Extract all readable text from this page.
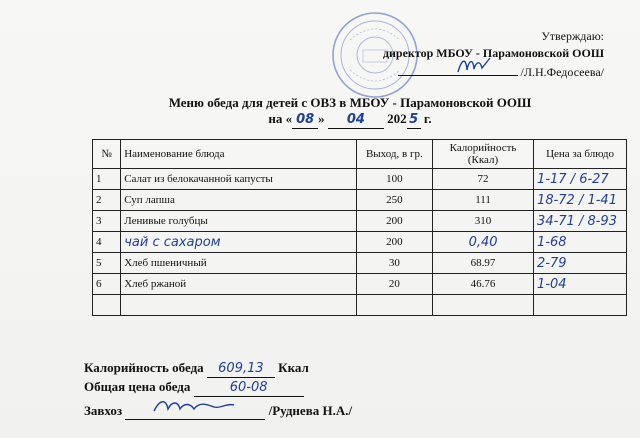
Утверждаю:
директор МБОУ - Парамоновской ООШ
/Л.Н.Федосеева/
Меню обеда для детей с ОВЗ в МБОУ - Парамоновской ООШ
на « 08 » 04 202 5 г.
№	Наименование блюда	Выход, в гр.	Калорийность (Ккал)	Цена за блюдо
1	Салат из белокачанной капусты	100	72	1-17 / 6-27
2	Суп лапша	250	111	18-72 / 1-41
3	Ленивые голубцы	200	310	34-71 / 8-93
4	чай с сахаром	200	0,40	1-68
5	Хлеб пшеничный	30	68.97	2-79
6	Хлеб ржаной	20	46.76	1-04

Калорийность обеда 609,13 Ккал
Общая цена обеда	60-08
Завхоз	/Руднева Н.А./
